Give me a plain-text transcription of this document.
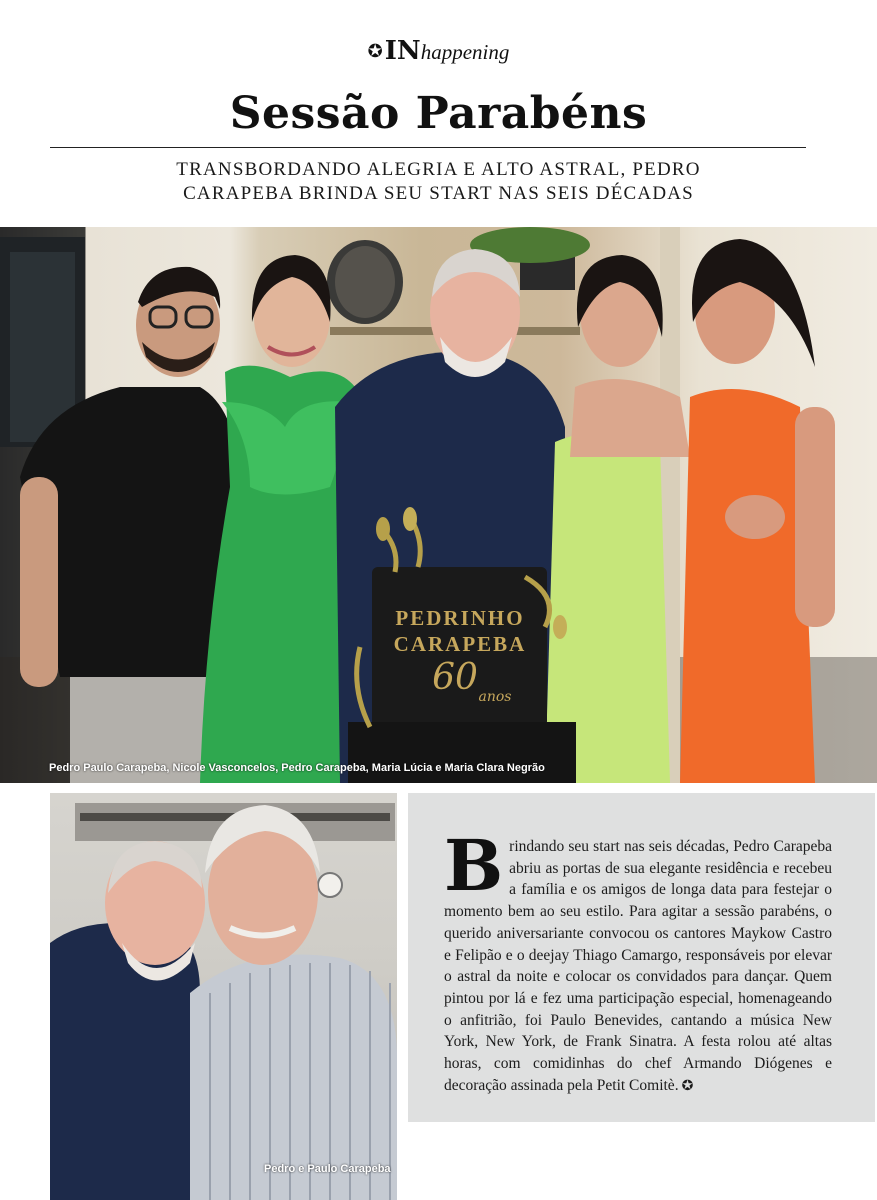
✪INhappening
Sessão Parabéns
TRANSBORDANDO ALEGRIA E ALTO ASTRAL, PEDRO
CARAPEBA BRINDA SEU START NAS SEIS DÉCADAS
PEDRINHO
CARAPEBA
60 anos
Pedro Paulo Carapeba, Nicole Vasconcelos, Pedro Carapeba, Maria Lúcia e Maria Clara Negrão
Pedro e Paulo Carapeba

Brindando seu start nas seis décadas, Pedro Carapeba abriu as portas de sua elegante residência e recebeu a família e os amigos de longa data para festejar o momento bem ao seu estilo. Para agitar a sessão parabéns, o querido aniversariante convocou os cantores Maykow Castro e Felipão e o deejay Thiago Camargo, responsáveis por elevar o astral da noite e colocar os convidados para dançar. Quem pintou por lá e fez uma participação especial, homenageando o anfitrião, foi Paulo Benevides, cantando a música New York, New York, de Frank Sinatra. A festa rolou até altas horas, com comidinhas do chef Armando Diógenes e decoração assinada pela Petit Comitè. ✪
